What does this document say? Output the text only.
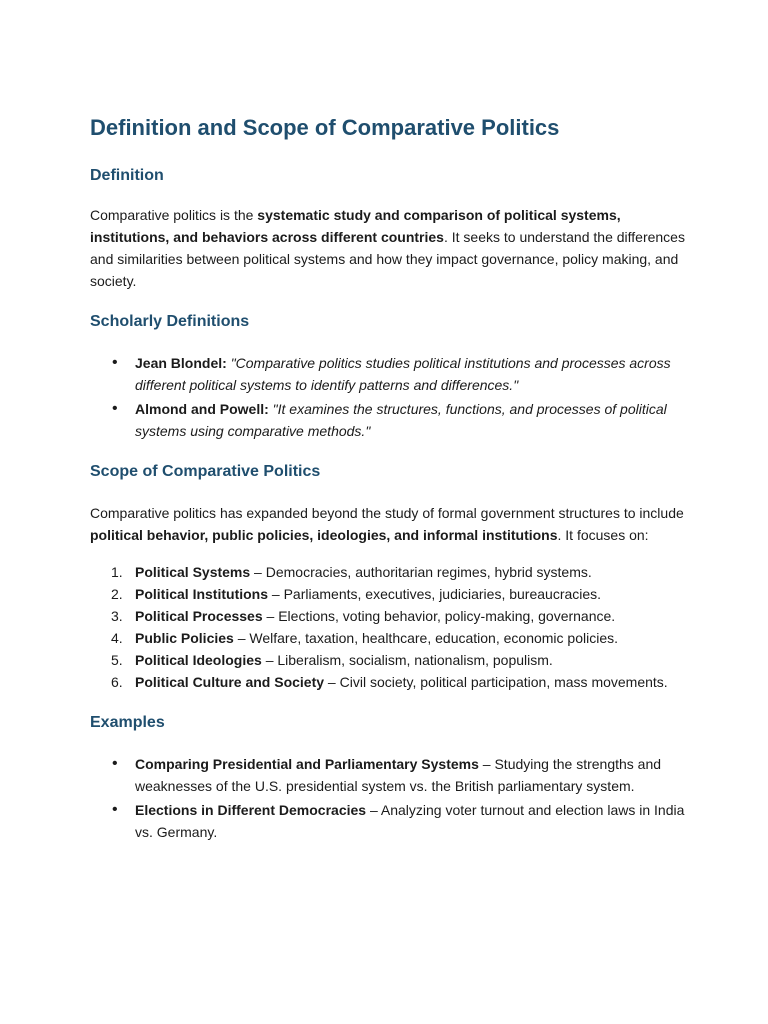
Definition and Scope of Comparative Politics
Definition

Comparative politics is the systematic study and comparison of political systems, institutions, and behaviors across different countries. It seeks to understand the differences and similarities between political systems and how they impact governance, policy making, and society.

Scholarly Definitions
• Jean Blondel: "Comparative politics studies political institutions and processes across different political systems to identify patterns and differences."
• Almond and Powell: "It examines the structures, functions, and processes of political systems using comparative methods."
Scope of Comparative Politics

Comparative politics has expanded beyond the study of formal government structures to include political behavior, public policies, ideologies, and informal institutions. It focuses on:

1. Political Systems – Democracies, authoritarian regimes, hybrid systems.
2. Political Institutions – Parliaments, executives, judiciaries, bureaucracies.
3. Political Processes – Elections, voting behavior, policy-making, governance.
4. Public Policies – Welfare, taxation, healthcare, education, economic policies.
5. Political Ideologies – Liberalism, socialism, nationalism, populism.
6. Political Culture and Society – Civil society, political participation, mass movements.
Examples
• Comparing Presidential and Parliamentary Systems – Studying the strengths and weaknesses of the U.S. presidential system vs. the British parliamentary system.
• Elections in Different Democracies – Analyzing voter turnout and election laws in India vs. Germany.
